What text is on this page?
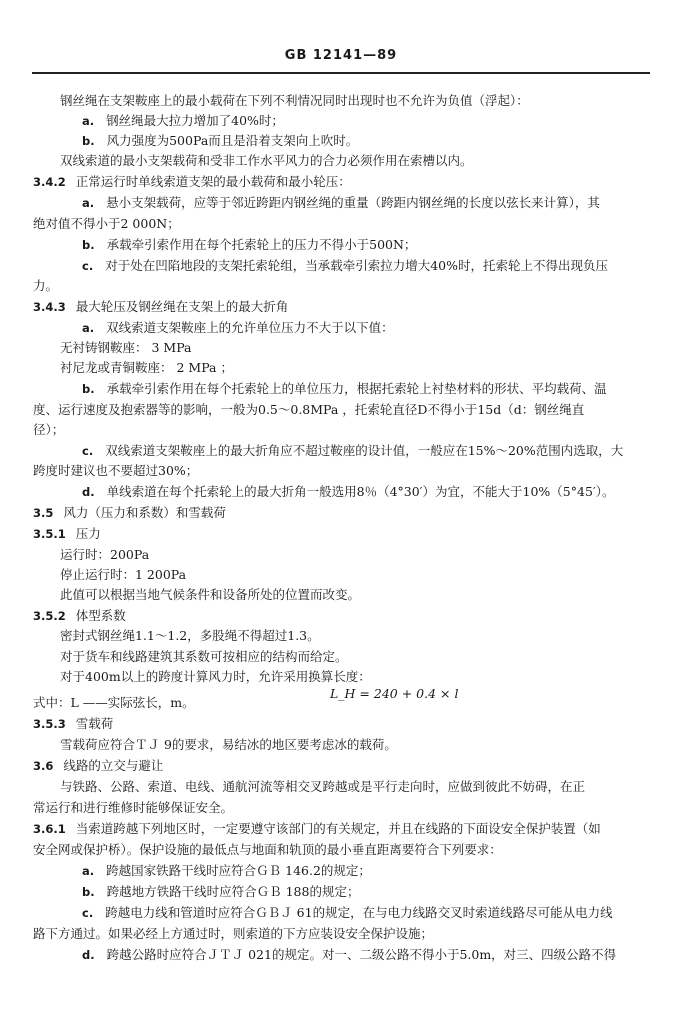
GB 12141—89
钢丝绳在支架鞍座上的最小载荷在下列不利情况同时出现时也不允许为负值（浮起）：
a. 钢丝绳最大拉力增加了40%时；
b. 风力强度为500Pa而且是沿着支架向上吹时。
双线索道的最小支架载荷和受非工作水平风力的合力必须作用在索槽以内。
3.4.2 正常运行时单线索道支架的最小载荷和最小轮压：
a. 悬小支架载荷，应等于邻近跨距内钢丝绳的重量（跨距内钢丝绳的长度以弦长来计算），其
绝对值不得小于2 000N；
b. 承载牵引索作用在每个托索轮上的压力不得小于500N；
c. 对于处在凹陷地段的支架托索轮组，当承载牵引索拉力增大40%时，托索轮上不得出现负压
力。
3.4.3 最大轮压及钢丝绳在支架上的最大折角
a. 双线索道支架鞍座上的允许单位压力不大于以下值：
无衬铸钢鞍座： 3 MPa
衬尼龙或青铜鞍座： 2 MPa ；
b. 承载牵引索作用在每个托索轮上的单位压力，根据托索轮上衬垫材料的形状、平均载荷、温
度、运行速度及抱索器等的影响，一般为0.5～0.8MPa ，托索轮直径D不得小于15d（d：钢丝绳直
径）；
c. 双线索道支架鞍座上的最大折角应不超过鞍座的设计值，一般应在15%～20%范围内选取，大
跨度时建议也不要超过30%；
d. 单线索道在每个托索轮上的最大折角一般选用8％（4°30′）为宜，不能大于10%（5°45′）。
3.5 风力（压力和系数）和雪载荷
3.5.1 压力
运行时：200Pa
停止运行时：1 200Pa
此值可以根据当地气候条件和设备所处的位置而改变。
3.5.2 体型系数
密封式钢丝绳1.1～1.2，多股绳不得超过1.3。
对于货车和线路建筑其系数可按相应的结构而给定。
对于400m以上的跨度计算风力时，允许采用换算长度：
L_H = 240 + 0.4 × l
式中：L ——实际弦长，m。
3.5.3 雪载荷
雪载荷应符合ＴＪ 9的要求，易结冰的地区要考虑冰的载荷。
3.6 线路的立交与避让
与铁路、公路、索道、电线、通航河流等相交叉跨越或是平行走向时，应做到彼此不妨碍，在正
常运行和进行维修时能够保证安全。
3.6.1 当索道跨越下列地区时，一定要遵守该部门的有关规定，并且在线路的下面设安全保护装置（如
安全网或保护桥）。保护设施的最低点与地面和轨顶的最小垂直距离要符合下列要求：
a. 跨越国家铁路干线时应符合ＧＢ 146.2的规定；
b. 跨越地方铁路干线时应符合ＧＢ 188的规定；
c. 跨越电力线和管道时应符合ＧＢＪ 61的规定，在与电力线路交叉时索道线路尽可能从电力线
路下方通过。如果必经上方通过时，则索道的下方应装设安全保护设施；
d. 跨越公路时应符合ＪＴＪ 021的规定。对一、二级公路不得小于5.0m，对三、四级公路不得
